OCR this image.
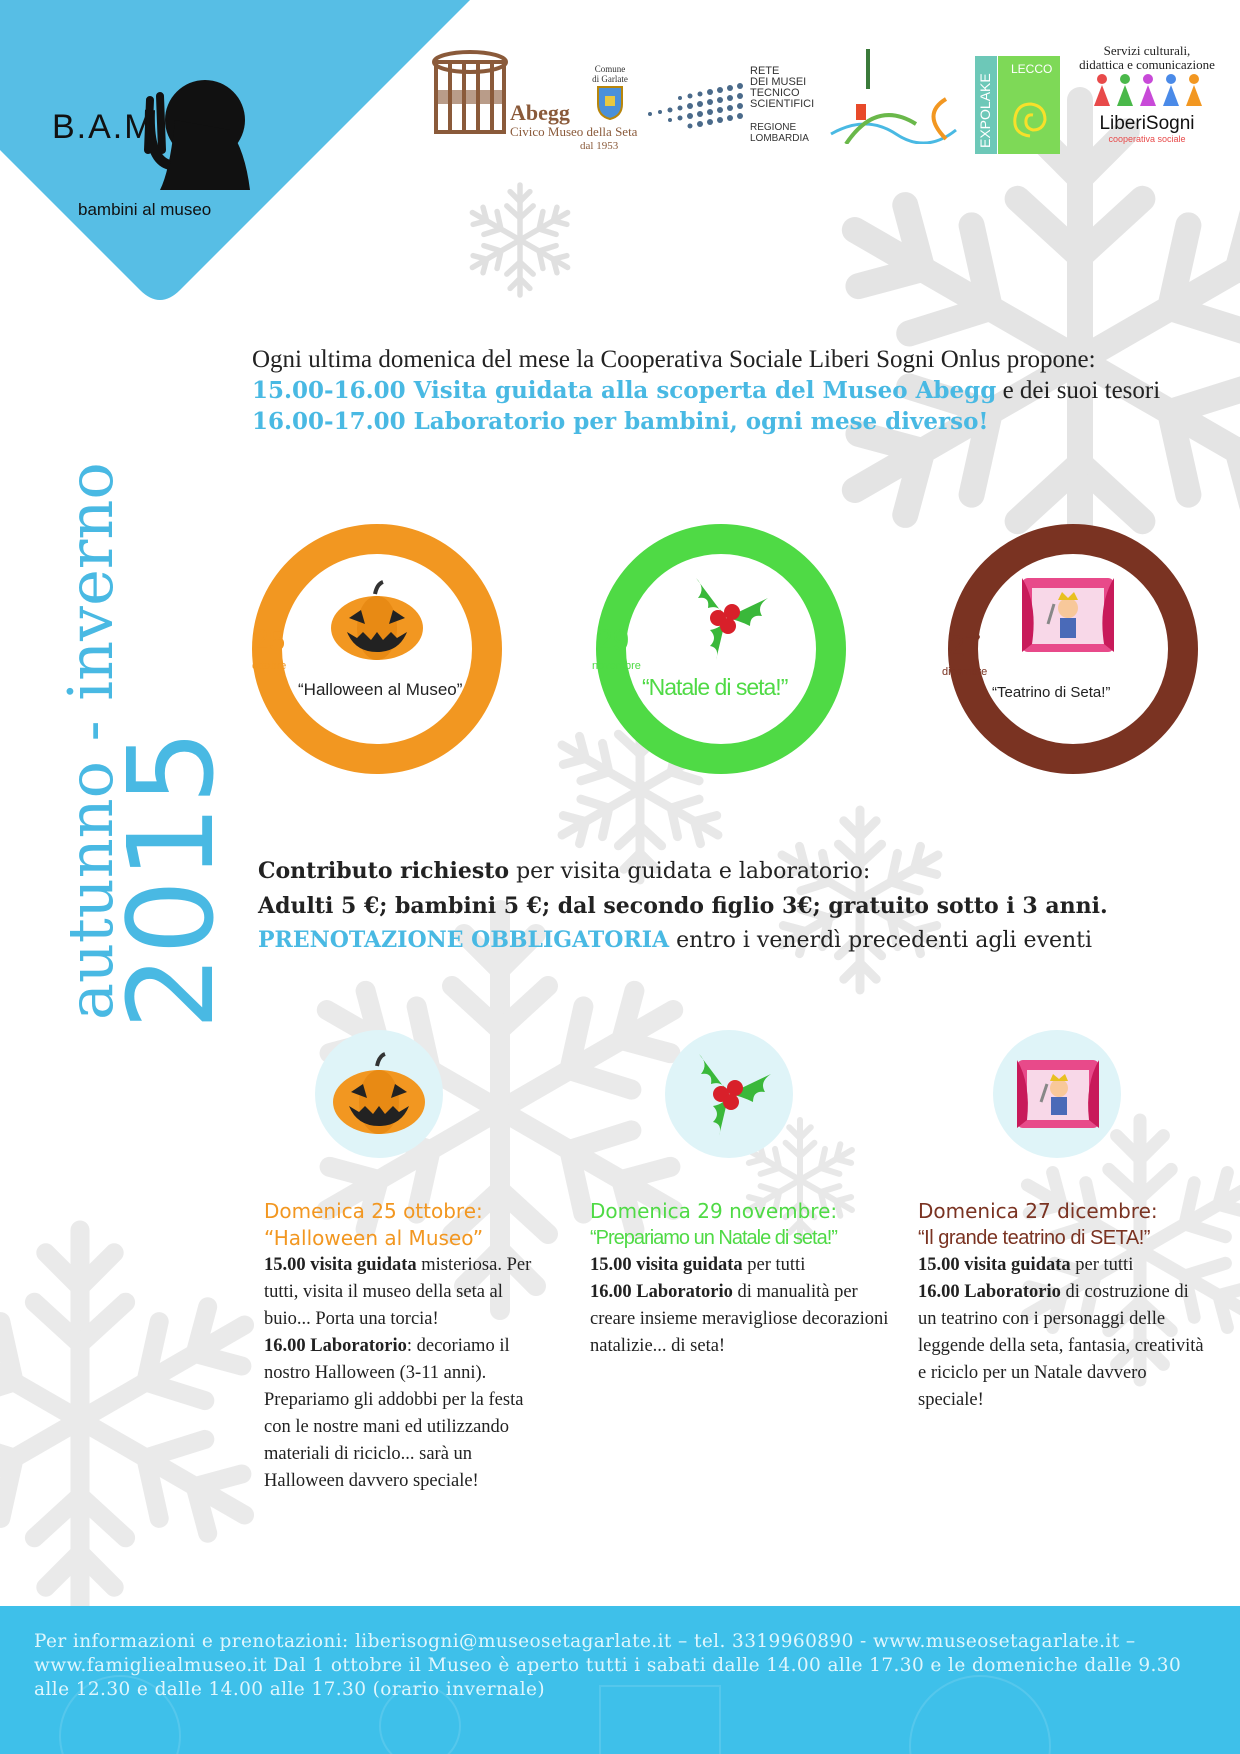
B.A.M
bambini al museo
Abegg
Civico Museo della Seta
dal 1953
Comune
di Garlate
RETE
DEI MUSEI
TECNICO
SCIENTIFICI
REGIONE
LOMBARDIA	EXPOLAKE
LECCO
Servizi culturali,
didattica e comunicazione
LiberiSogni
cooperativa sociale
Ogni ultima domenica del mese la Cooperativa Sociale Liberi Sogni Onlus propone:
15.00-16.00 Visita guidata alla scoperta del Museo Abegg e dei suoi tesori
16.00-17.00 Laboratorio per bambini, ogni mese diverso!
autunno - inverno
2015
25
ottobre
“Halloween al Museo”
29
novembre
“Natale di seta!”
27
dicembre
“Teatrino di Seta!”
Contributo richiesto per visita guidata e laboratorio:
Adulti 5 €; bambini 5 €; dal secondo figlio 3€; gratuito sotto i 3 anni.
PRENOTAZIONE OBBLIGATORIA entro i venerdì precedenti agli eventi
Domenica 25 ottobre:
“Halloween al Museo”
15.00 visita guidata misteriosa. Per tutti, visita il museo della seta al buio... Porta una torcia!
16.00 Laboratorio: decoriamo il nostro Halloween (3-11 anni). Prepariamo gli addobbi per la festa con le nostre mani ed utilizzando materiali di riciclo... sarà un Halloween davvero speciale!
Domenica 29 novembre:
“Prepariamo un Natale di seta!”
15.00 visita guidata per tutti
16.00 Laboratorio di manualità per creare insieme meravigliose decorazioni natalizie... di seta!
Domenica 27 dicembre:
“Il grande teatrino di SETA!”
15.00 visita guidata per tutti
16.00 Laboratorio di costruzione di un teatrino con i personaggi delle leggende della seta, fantasia, creatività e riciclo per un Natale davvero speciale!
Per informazioni e prenotazioni: liberisogni@museosetagarlate.it – tel. 3319960890 - www.museosetagarlate.it – www.famigliealmuseo.it Dal 1 ottobre il Museo è aperto tutti i sabati dalle 14.00 alle 17.30 e le domeniche dalle 9.30 alle 12.30 e dalle 14.00 alle 17.30 (orario invernale)
